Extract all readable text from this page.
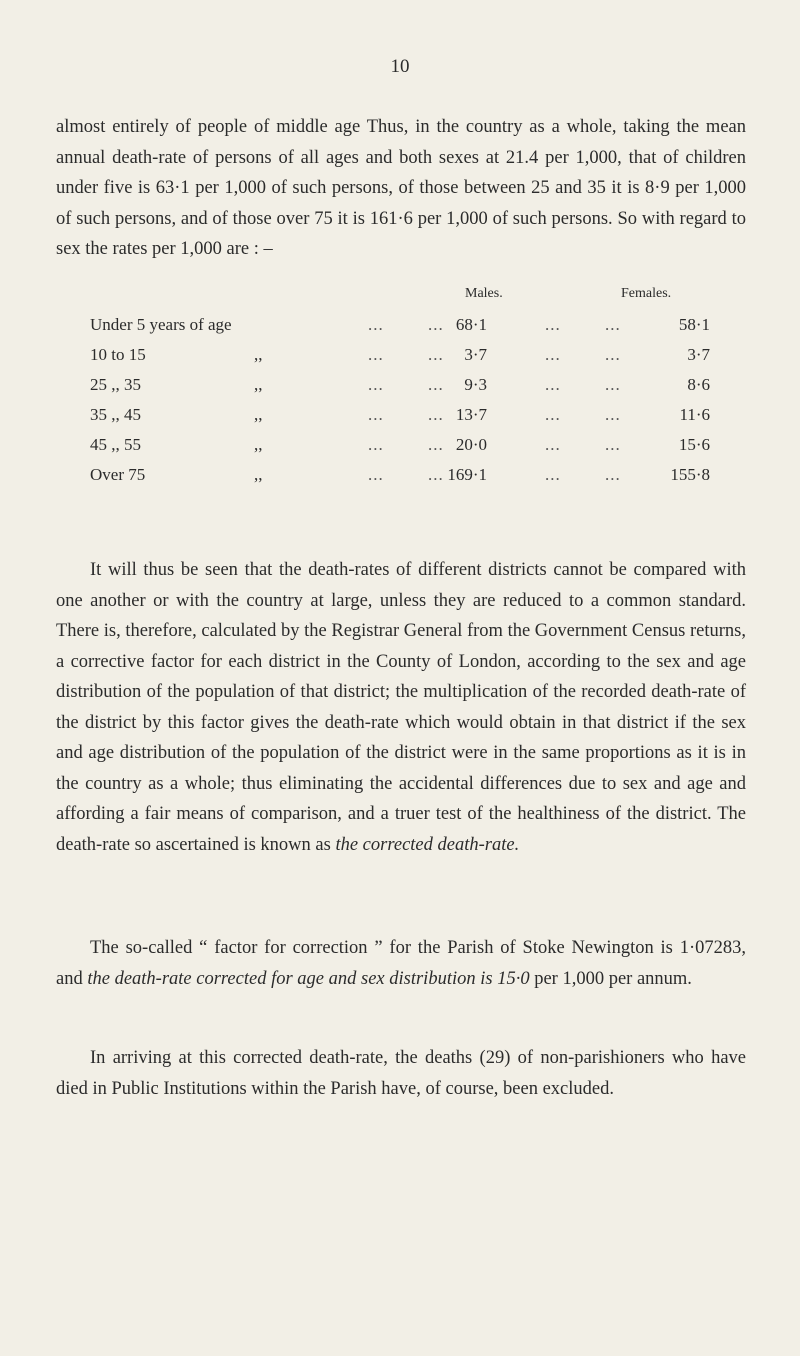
10

almost entirely of people of middle age Thus, in the country as a whole, taking the mean annual death-rate of persons of all ages and both sexes at 21.4 per 1,000, that of children under five is 63·1 per 1,000 of such persons, of those between 25 and 35 it is 8·9 per 1,000 of such persons, and of those over 75 it is 161·6 per 1,000 of such persons. So with regard to sex the rates per 1,000 are : –

Males.	Females.
Under 5 years of age	...	... 68·1	...	...	58·1
10 to 15	,,	...	... 3·7	...	...	3·7
25 ,, 35	,,	...	... 9·3	...	...	8·6
35 ,, 45	,,	...	... 13·7	...	...	11·6
45 ,, 55	,,	...	... 20·0	...	...	15·6
Over 75	,,	...	... 169·1	...	...	155·8

It will thus be seen that the death-rates of different districts cannot be compared with one another or with the country at large, unless they are reduced to a common standard. There is, therefore, calculated by the Registrar General from the Government Census returns, a corrective factor for each district in the County of London, according to the sex and age distribution of the population of that district; the multiplication of the recorded death-rate of the district by this factor gives the death-rate which would obtain in that district if the sex and age distribution of the population of the district were in the same proportions as it is in the country as a whole; thus eliminating the accidental differences due to sex and age and affording a fair means of comparison, and a truer test of the healthiness of the district. The death-rate so ascertained is known as the corrected death-rate.

The so-called “ factor for correction ” for the Parish of Stoke Newington is 1·07283, and the death-rate corrected for age and sex distribution is 15·0 per 1,000 per annum.

In arriving at this corrected death-rate, the deaths (29) of non-parishioners who have died in Public Institutions within the Parish have, of course, been excluded.
